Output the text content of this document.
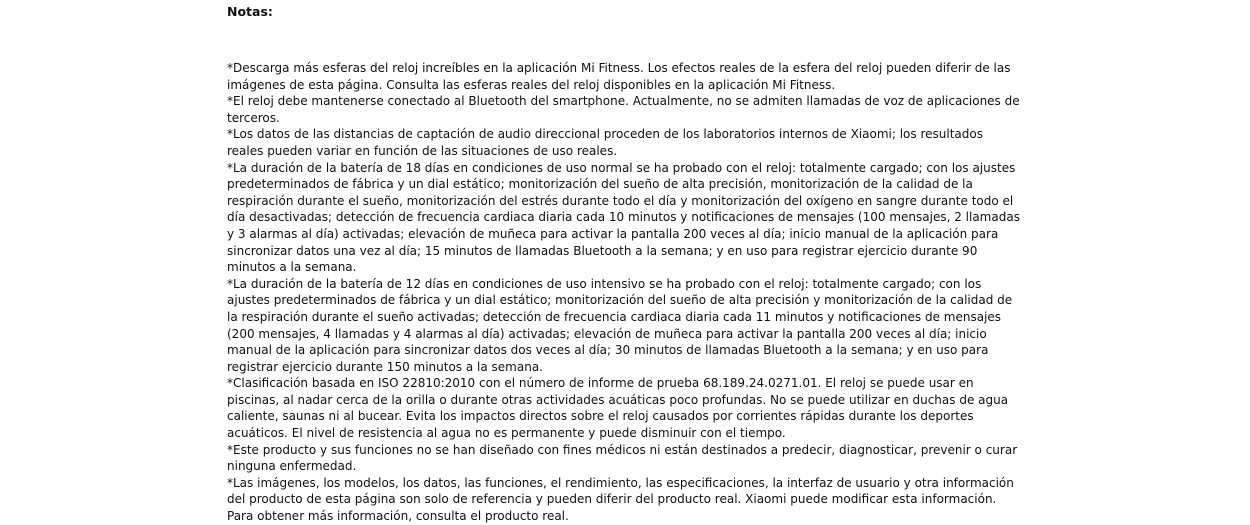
Notas:
*Descarga más esferas del reloj increíbles en la aplicación Mi Fitness. Los efectos reales de la esfera del reloj pueden diferir de las imágenes de esta página. Consulta las esferas reales del reloj disponibles en la aplicación Mi Fitness.
*El reloj debe mantenerse conectado al Bluetooth del smartphone. Actualmente, no se admiten llamadas de voz de aplicaciones de terceros.
*Los datos de las distancias de captación de audio direccional proceden de los laboratorios internos de Xiaomi; los resultados reales pueden variar en función de las situaciones de uso reales.
*La duración de la batería de 18 días en condiciones de uso normal se ha probado con el reloj: totalmente cargado; con los ajustes predeterminados de fábrica y un dial estático; monitorización del sueño de alta precisión, monitorización de la calidad de la respiración durante el sueño, monitorización del estrés durante todo el día y monitorización del oxígeno en sangre durante todo el día desactivadas; detección de frecuencia cardiaca diaria cada 10 minutos y notificaciones de mensajes (100 mensajes, 2 llamadas y 3 alarmas al día) activadas; elevación de muñeca para activar la pantalla 200 veces al día; inicio manual de la aplicación para sincronizar datos una vez al día; 15 minutos de llamadas Bluetooth a la semana; y en uso para registrar ejercicio durante 90 minutos a la semana.
*La duración de la batería de 12 días en condiciones de uso intensivo se ha probado con el reloj: totalmente cargado; con los ajustes predeterminados de fábrica y un dial estático; monitorización del sueño de alta precisión y monitorización de la calidad de la respiración durante el sueño activadas; detección de frecuencia cardiaca diaria cada 11 minutos y notificaciones de mensajes (200 mensajes, 4 llamadas y 4 alarmas al día) activadas; elevación de muñeca para activar la pantalla 200 veces al día; inicio manual de la aplicación para sincronizar datos dos veces al día; 30 minutos de llamadas Bluetooth a la semana; y en uso para registrar ejercicio durante 150 minutos a la semana.
*Clasificación basada en ISO 22810:2010 con el número de informe de prueba 68.189.24.0271.01. El reloj se puede usar en piscinas, al nadar cerca de la orilla o durante otras actividades acuáticas poco profundas. No se puede utilizar en duchas de agua caliente, saunas ni al bucear. Evita los impactos directos sobre el reloj causados por corrientes rápidas durante los deportes acuáticos. El nivel de resistencia al agua no es permanente y puede disminuir con el tiempo.
*Este producto y sus funciones no se han diseñado con fines médicos ni están destinados a predecir, diagnosticar, prevenir o curar ninguna enfermedad.
*Las imágenes, los modelos, los datos, las funciones, el rendimiento, las especificaciones, la interfaz de usuario y otra información del producto de esta página son solo de referencia y pueden diferir del producto real. Xiaomi puede modificar esta información. Para obtener más información, consulta el producto real.
